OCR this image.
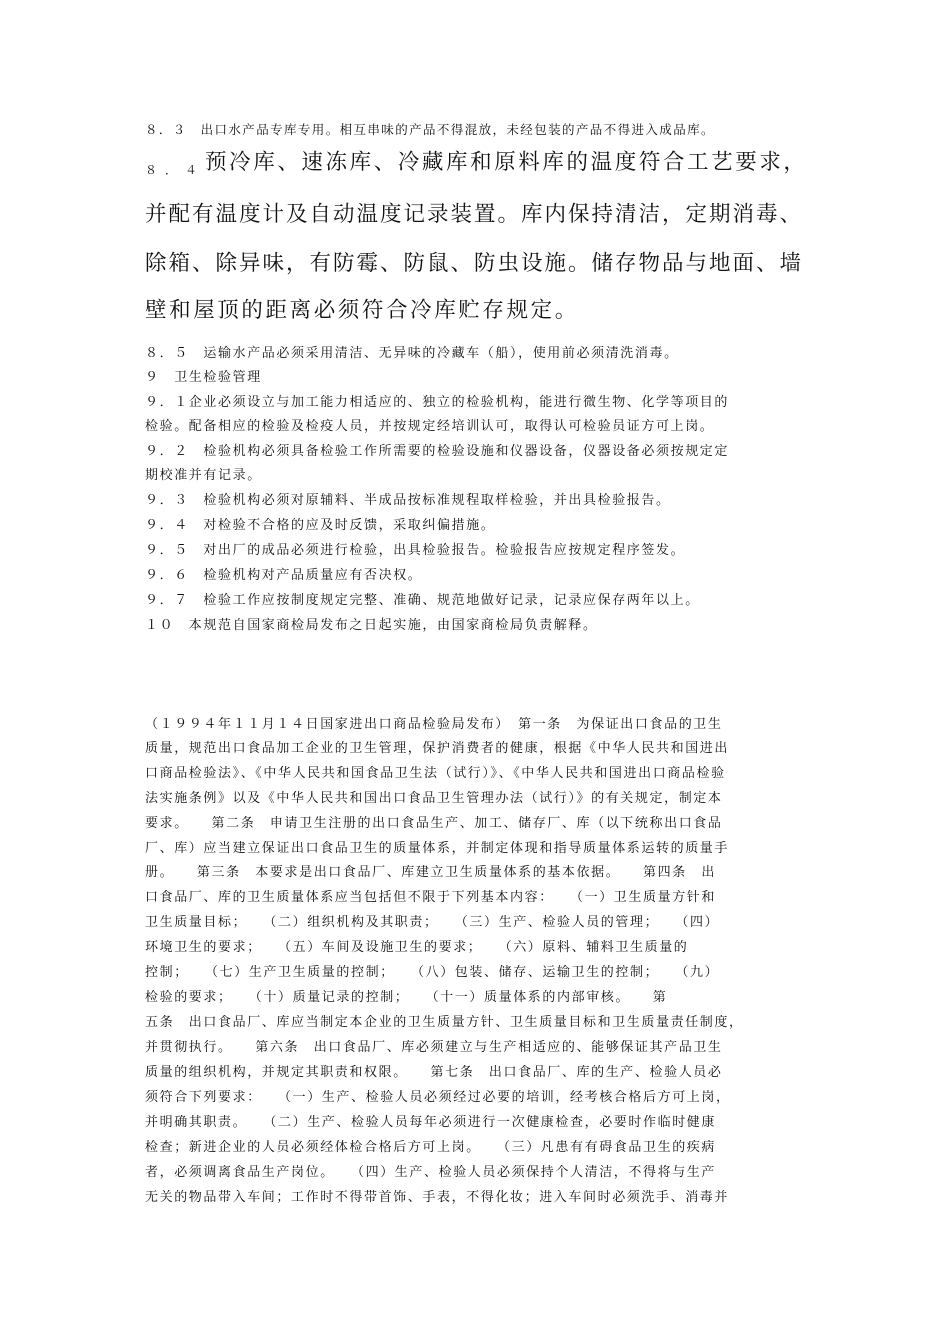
８．３　出口水产品专库专用。相互串味的产品不得混放，未经包装的产品不得进入成品库。
$_{8.4}$预冷库、速冻库、冷藏库和原料库的温度符合工艺要求，
并配有温度计及自动温度记录装置。库内保持清洁，定期消毒、
除箱、除异味，有防霉、防鼠、防虫设施。储存物品与地面、墙
壁和屋顶的距离必须符合冷库贮存规定。
８．５　运输水产品必须采用清洁、无异味的冷藏车（船），使用前必须清洗消毒。
９　卫生检验管理
９．１企业必须设立与加工能力相适应的、独立的检验机构，能进行微生物、化学等项目的
检验。配备相应的检验及检疫人员，并按规定经培训认可，取得认可检验员证方可上岗。
９．２　检验机构必须具备检验工作所需要的检验设施和仪器设备，仪器设备必须按规定定
期校准并有记录。
９．３　检验机构必须对原辅料、半成品按标准规程取样检验，并出具检验报告。
９．４　对检验不合格的应及时反馈，采取纠偏措施。
９．５　对出厂的成品必须进行检验，出具检验报告。检验报告应按规定程序签发。
９．６　检验机构对产品质量应有否决权。
９．７　检验工作应按制度规定完整、准确、规范地做好记录，记录应保存两年以上。
１０　本规范自国家商检局发布之日起实施，由国家商检局负责解释。
（１９９４年１１月１４日国家进出口商品检验局发布）　第一条　为保证出口食品的卫生
质量，规范出口食品加工企业的卫生管理，保护消费者的健康，根据《中华人民共和国进出
口商品检验法》、《中华人民共和国食品卫生法（试行）》、《中华人民共和国进出口商品检验
法实施条例》以及《中华人民共和国出口食品卫生管理办法（试行）》的有关规定，制定本
要求。　　第二条　申请卫生注册的出口食品生产、加工、储存厂、库（以下统称出口食品
厂、库）应当建立保证出口食品卫生的质量体系，并制定体现和指导质量体系运转的质量手
册。　　第三条　本要求是出口食品厂、库建立卫生质量体系的基本依据。　　第四条　出
口食品厂、库的卫生质量体系应当包括但不限于下列基本内容：　　（一）卫生质量方针和
卫生质量目标；　　（二）组织机构及其职责；　　（三）生产、检验人员的管理；　　（四）
环境卫生的要求；　　（五）车间及设施卫生的要求；　　（六）原料、辅料卫生质量的
控制；　　（七）生产卫生质量的控制；　　（八）包装、储存、运输卫生的控制；　　（九）
检验的要求；　　（十）质量记录的控制；　　（十一）质量体系的内部审核。　　第
五条　出口食品厂、库应当制定本企业的卫生质量方针、卫生质量目标和卫生质量责任制度，
并贯彻执行。　　第六条　出口食品厂、库必须建立与生产相适应的、能够保证其产品卫生
质量的组织机构，并规定其职责和权限。　　第七条　出口食品厂、库的生产、检验人员必
须符合下列要求：　　（一）生产、检验人员必须经过必要的培训，经考核合格后方可上岗，
并明确其职责。　　（二）生产、检验人员每年必须进行一次健康检查，必要时作临时健康
检查；新进企业的人员必须经体检合格后方可上岗。　　（三）凡患有有碍食品卫生的疾病
者，必须调离食品生产岗位。　　（四）生产、检验人员必须保持个人清洁，不得将与生产
无关的物品带入车间；工作时不得带首饰、手表，不得化妆；进入车间时必须洗手、消毒并
